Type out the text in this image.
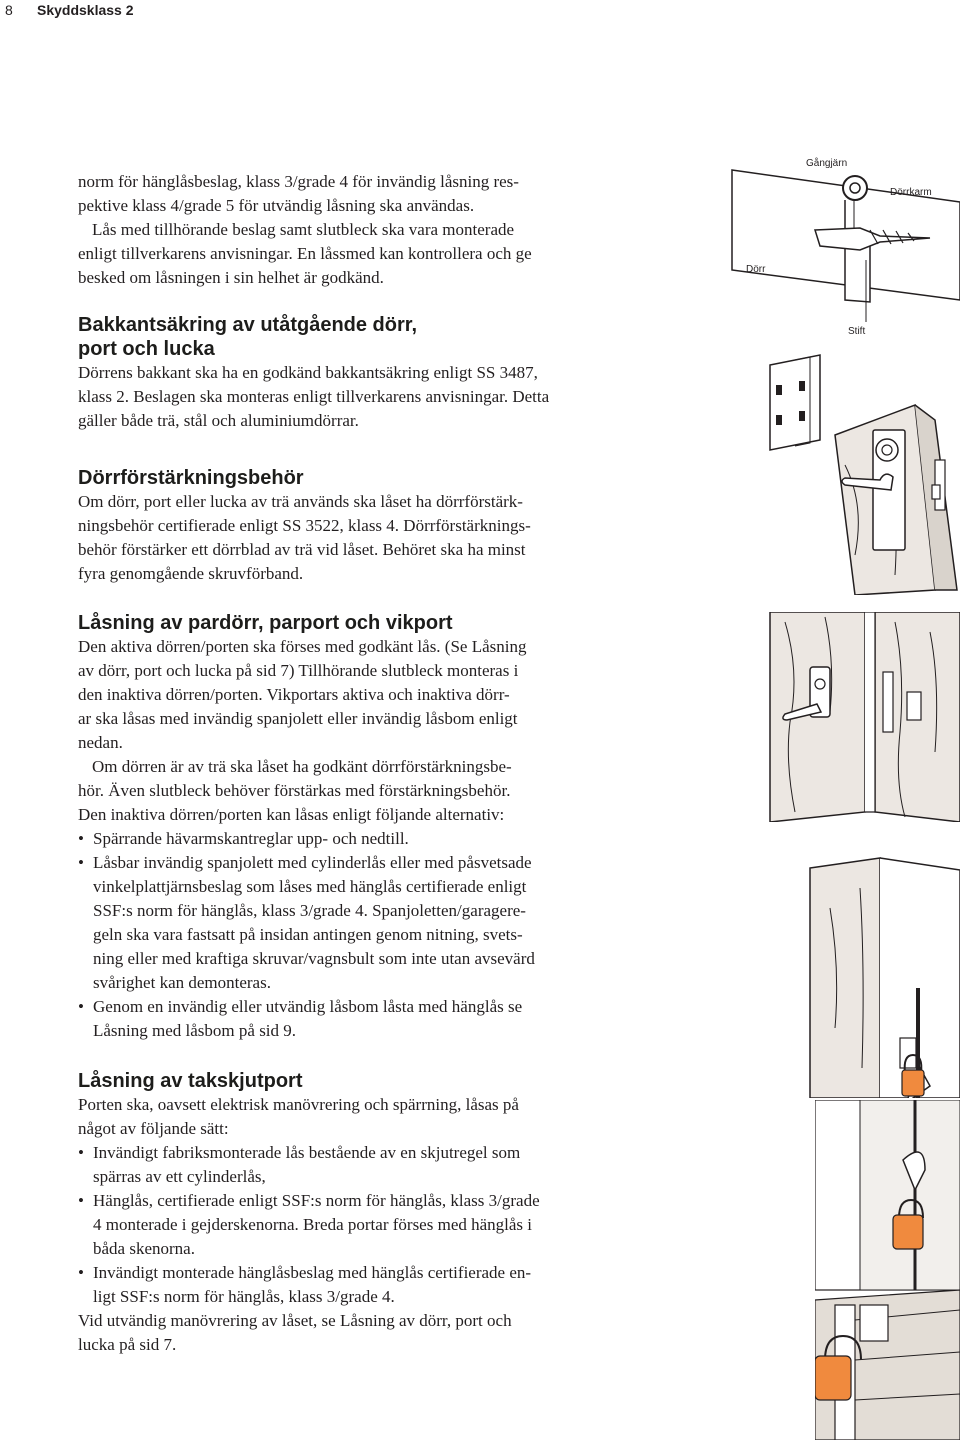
8 Skyddsklass 2

norm för hänglåsbeslag, klass 3/grade 4 för invändig låsning res-

pektive klass 4/grade 5 för utvändig låsning ska användas.

Lås med tillhörande beslag samt slutbleck ska vara monterade

enligt tillverkarens anvisningar. En låssmed kan kontrollera och ge

besked om låsningen i sin helhet är godkänd.

Bakkantsäkring av utåtgående dörr,
port och lucka

Dörrens bakkant ska ha en godkänd bakkantsäkring enligt SS 3487,

klass 2. Beslagen ska monteras enligt tillverkarens anvisningar. Detta

gäller både trä, stål och aluminiumdörrar.

Dörrförstärkningsbehör

Om dörr, port eller lucka av trä används ska låset ha dörrförstärk-

ningsbehör certifierade enligt SS 3522, klass 4. Dörrförstärknings-

behör förstärker ett dörrblad av trä vid låset. Behöret ska ha minst

fyra genomgående skruvförband.

Låsning av pardörr, parport och vikport

Den aktiva dörren/porten ska förses med godkänt lås. (Se Låsning

av dörr, port och lucka på sid 7) Tillhörande slutbleck monteras i

den inaktiva dörren/porten. Vikportars aktiva och inaktiva dörr-

ar ska låsas med invändig spanjolett eller invändig låsbom enligt

nedan.

Om dörren är av trä ska låset ha godkänt dörrförstärkningsbe-

hör. Även slutbleck behöver förstärkas med förstärkningsbehör.

Den inaktiva dörren/porten kan låsas enligt följande alternativ:

• Spärrande hävarmskantreglar upp- och nedtill.
• Låsbar invändig spanjolett med cylinderlås eller med påsvetsade
vinkelplattjärnsbeslag som låses med hänglås certifierade enligt
SSF:s norm för hänglås, klass 3/grade 4. Spanjoletten/garagere-
geln ska vara fastsatt på insidan antingen genom nitning, svets-
ning eller med kraftiga skruvar/vagnsbult som inte utan avsevärd
svårighet kan demonteras.
• Genom en invändig eller utvändig låsbom låsta med hänglås se
Låsning med låsbom på sid 9.
Låsning av takskjutport

Porten ska, oavsett elektrisk manövrering och spärrning, låsas på

något av följande sätt:

• Invändigt fabriksmonterade lås bestående av en skjutregel som
spärras av ett cylinderlås,
• Hänglås, certifierade enligt SSF:s norm för hänglås, klass 3/grade
4 monterade i gejderskenorna. Breda portar förses med hänglås i
båda skenorna.
• Invändigt monterade hänglåsbeslag med hänglås certifierade en-
ligt SSF:s norm för hänglås, klass 3/grade 4.

Vid utvändig manövrering av låset, se Låsning av dörr, port och

lucka på sid 7.

Gångjärn
Dörrkarm
Dörr
Stift
